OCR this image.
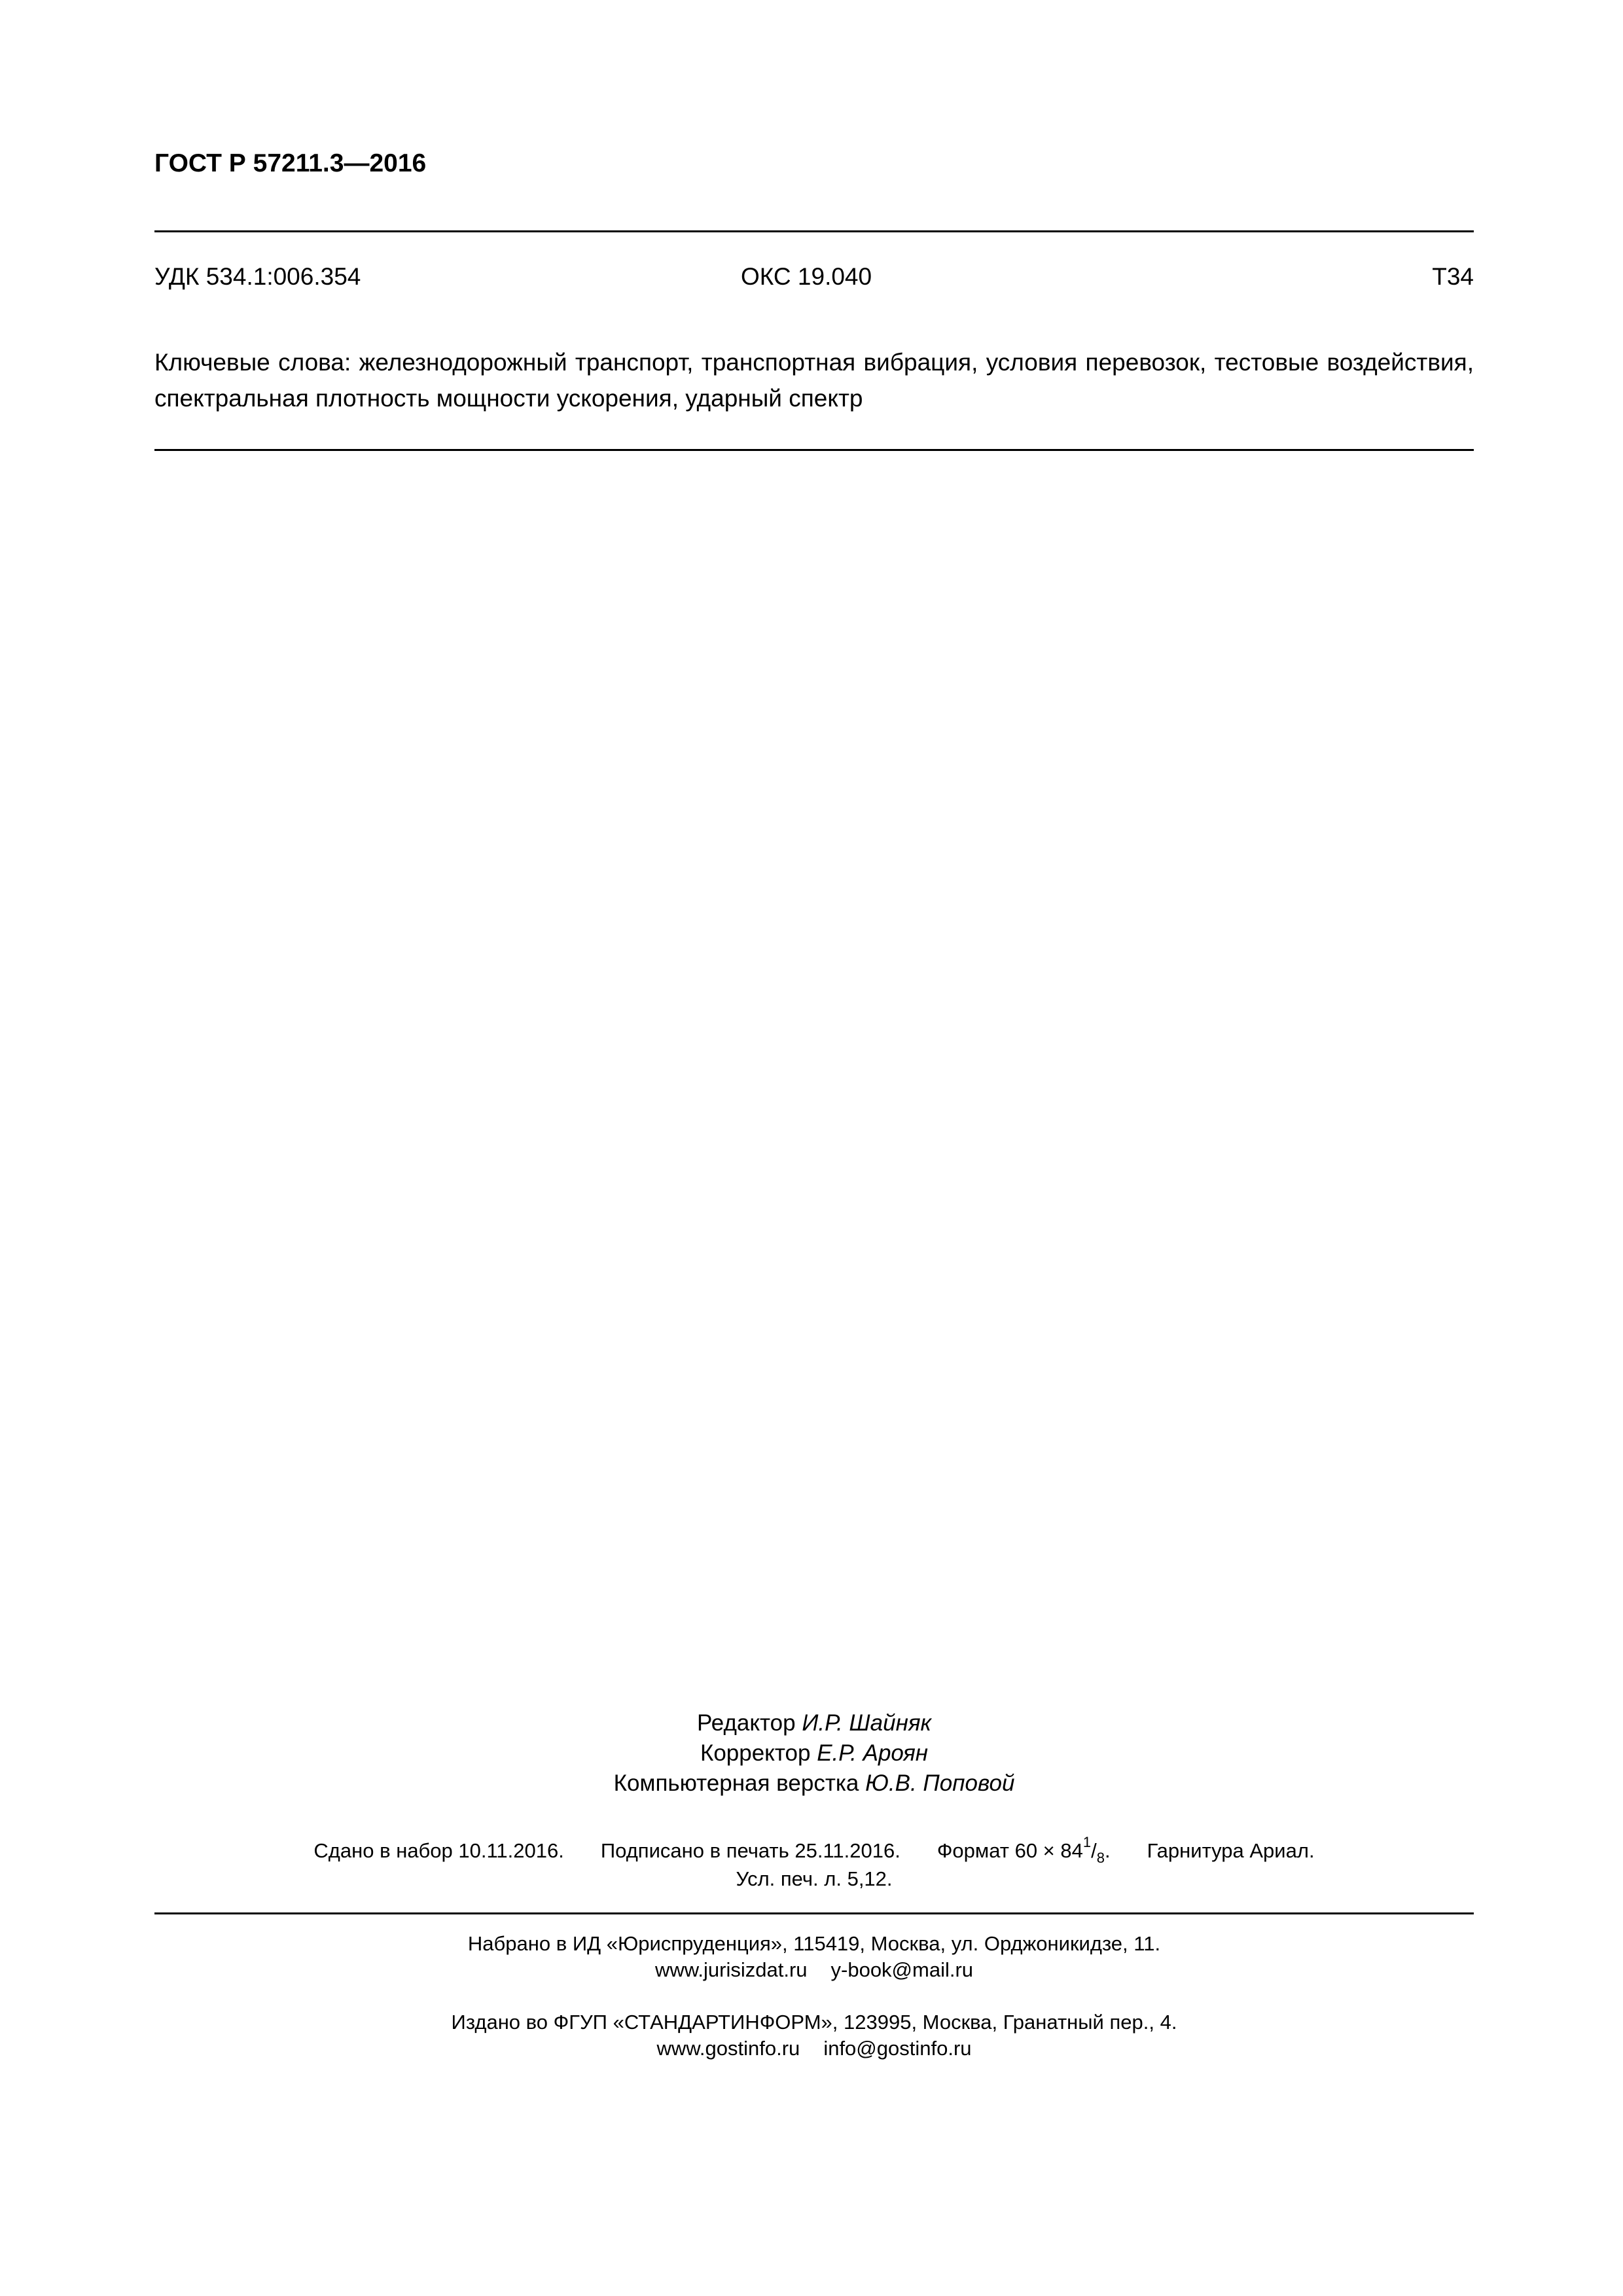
ГОСТ Р 57211.3—2016
УДК 534.1:006.354	ОКС 19.040	Т34
Ключевые слова: железнодорожный транспорт, транспортная вибрация, условия перевозок, тестовые воздействия, спектральная плотность мощности ускорения, ударный спектр
Редактор И.Р. Шайняк
Корректор Е.Р. Ароян
Компьютерная верстка Ю.В. Поповой
Сдано в набор 10.11.2016. Подписано в печать 25.11.2016. Формат $60 \times 84^1/_8$. Гарнитура Ариал.
Усл. печ. л. 5,12.
Набрано в ИД «Юриспруденция», 115419, Москва, ул. Орджоникидзе, 11.
www.jurisizdat.ru y-book@mail.ru
Издано во ФГУП «СТАНДАРТИНФОРМ», 123995, Москва, Гранатный пер., 4.
www.gostinfo.ru info@gostinfo.ru
